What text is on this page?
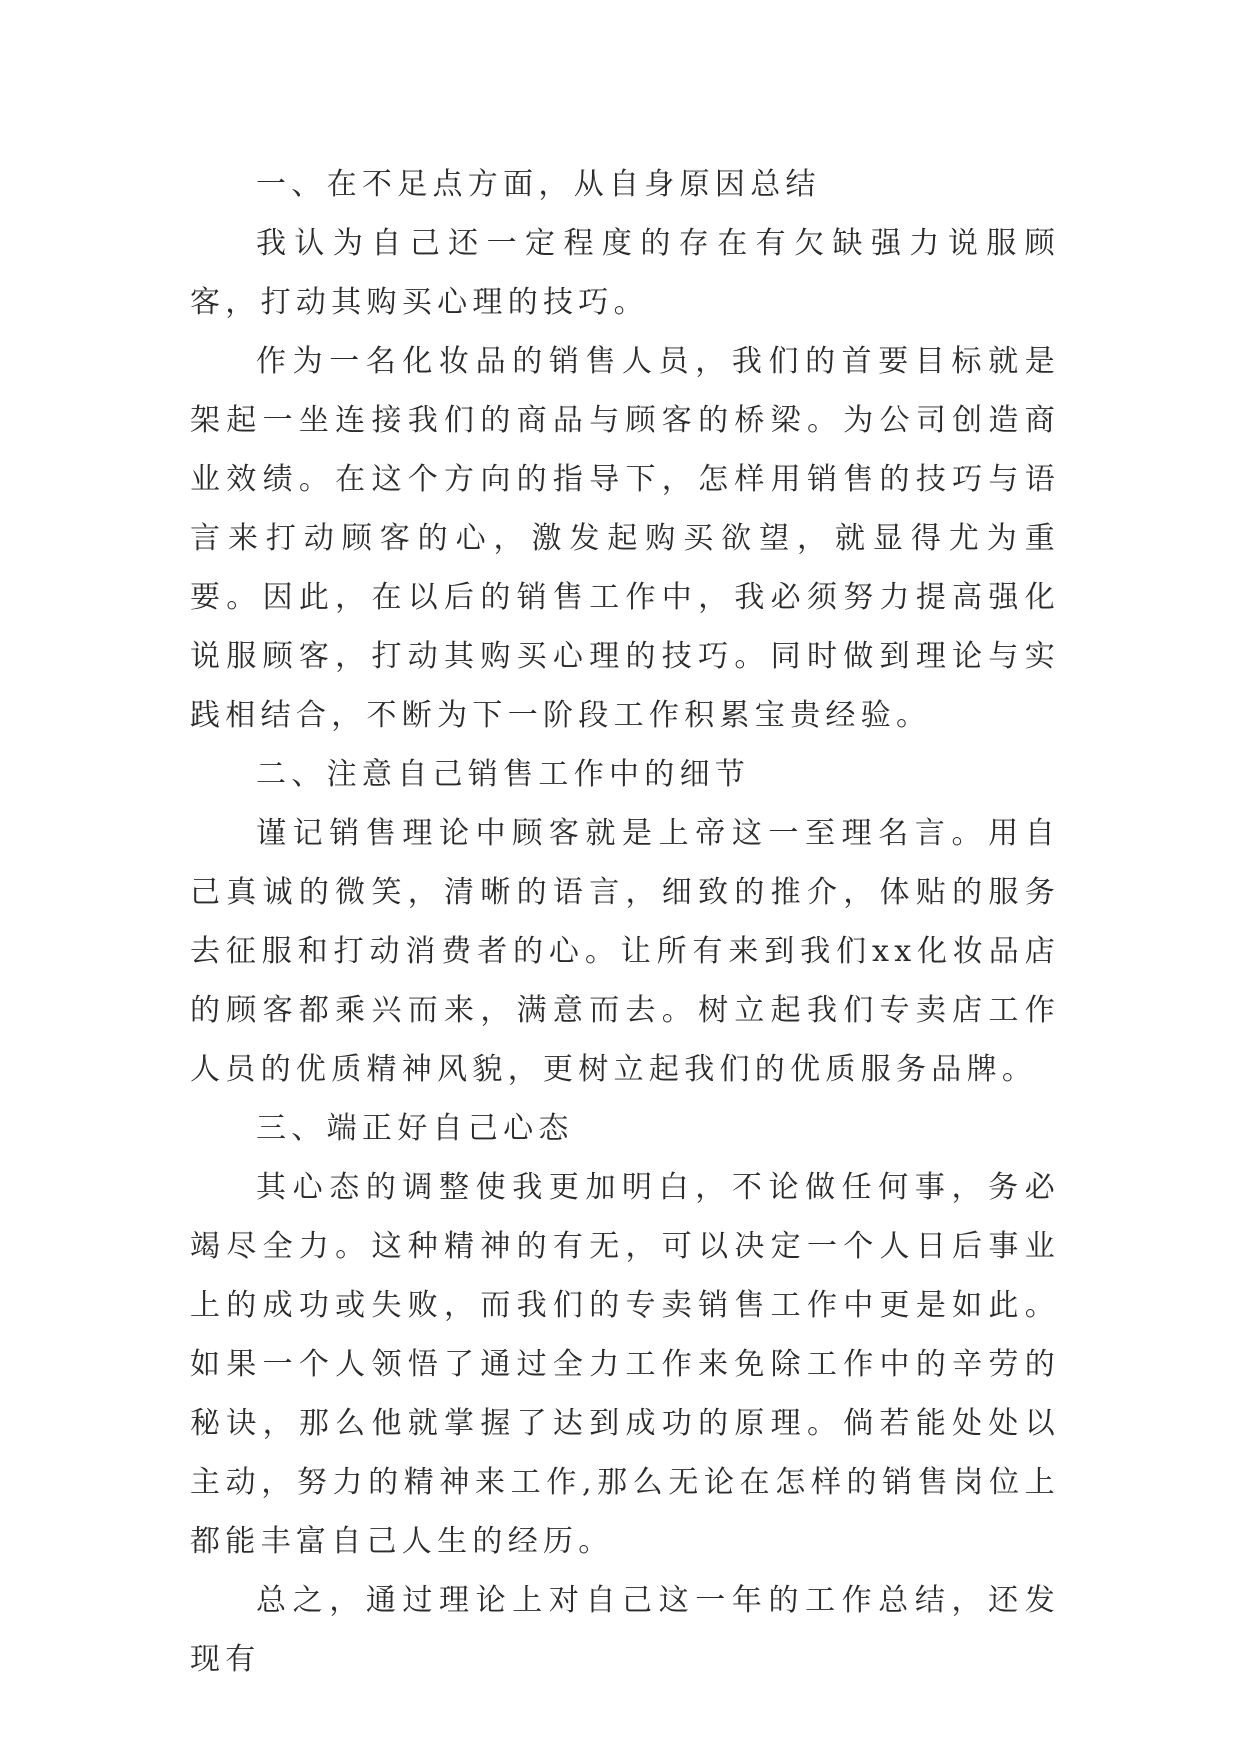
一、在不足点方面，从自身原因总结

我认为自己还一定程度的存在有欠缺强力说服顾客，打动其购买心理的技巧。

作为一名化妆品的销售人员，我们的首要目标就是架起一坐连接我们的商品与顾客的桥梁。为公司创造商业效绩。在这个方向的指导下，怎样用销售的技巧与语言来打动顾客的心，激发起购买欲望，就显得尤为重要。因此，在以后的销售工作中，我必须努力提高强化说服顾客，打动其购买心理的技巧。同时做到理论与实践相结合，不断为下一阶段工作积累宝贵经验。

二、注意自己销售工作中的细节

谨记销售理论中顾客就是上帝这一至理名言。用自己真诚的微笑，清晰的语言，细致的推介，体贴的服务去征服和打动消费者的心。让所有来到我们xx化妆品店的顾客都乘兴而来，满意而去。树立起我们专卖店工作人员的优质精神风貌，更树立起我们的优质服务品牌。

三、端正好自己心态

其心态的调整使我更加明白，不论做任何事，务必竭尽全力。这种精神的有无，可以决定一个人日后事业上的成功或失败，而我们的专卖销售工作中更是如此。如果一个人领悟了通过全力工作来免除工作中的辛劳的秘诀，那么他就掌握了达到成功的原理。倘若能处处以主动，努力的精神来工作,那么无论在怎样的销售岗位上都能丰富自己人生的经历。

总之，通过理论上对自己这一年的工作总结，还发现有
